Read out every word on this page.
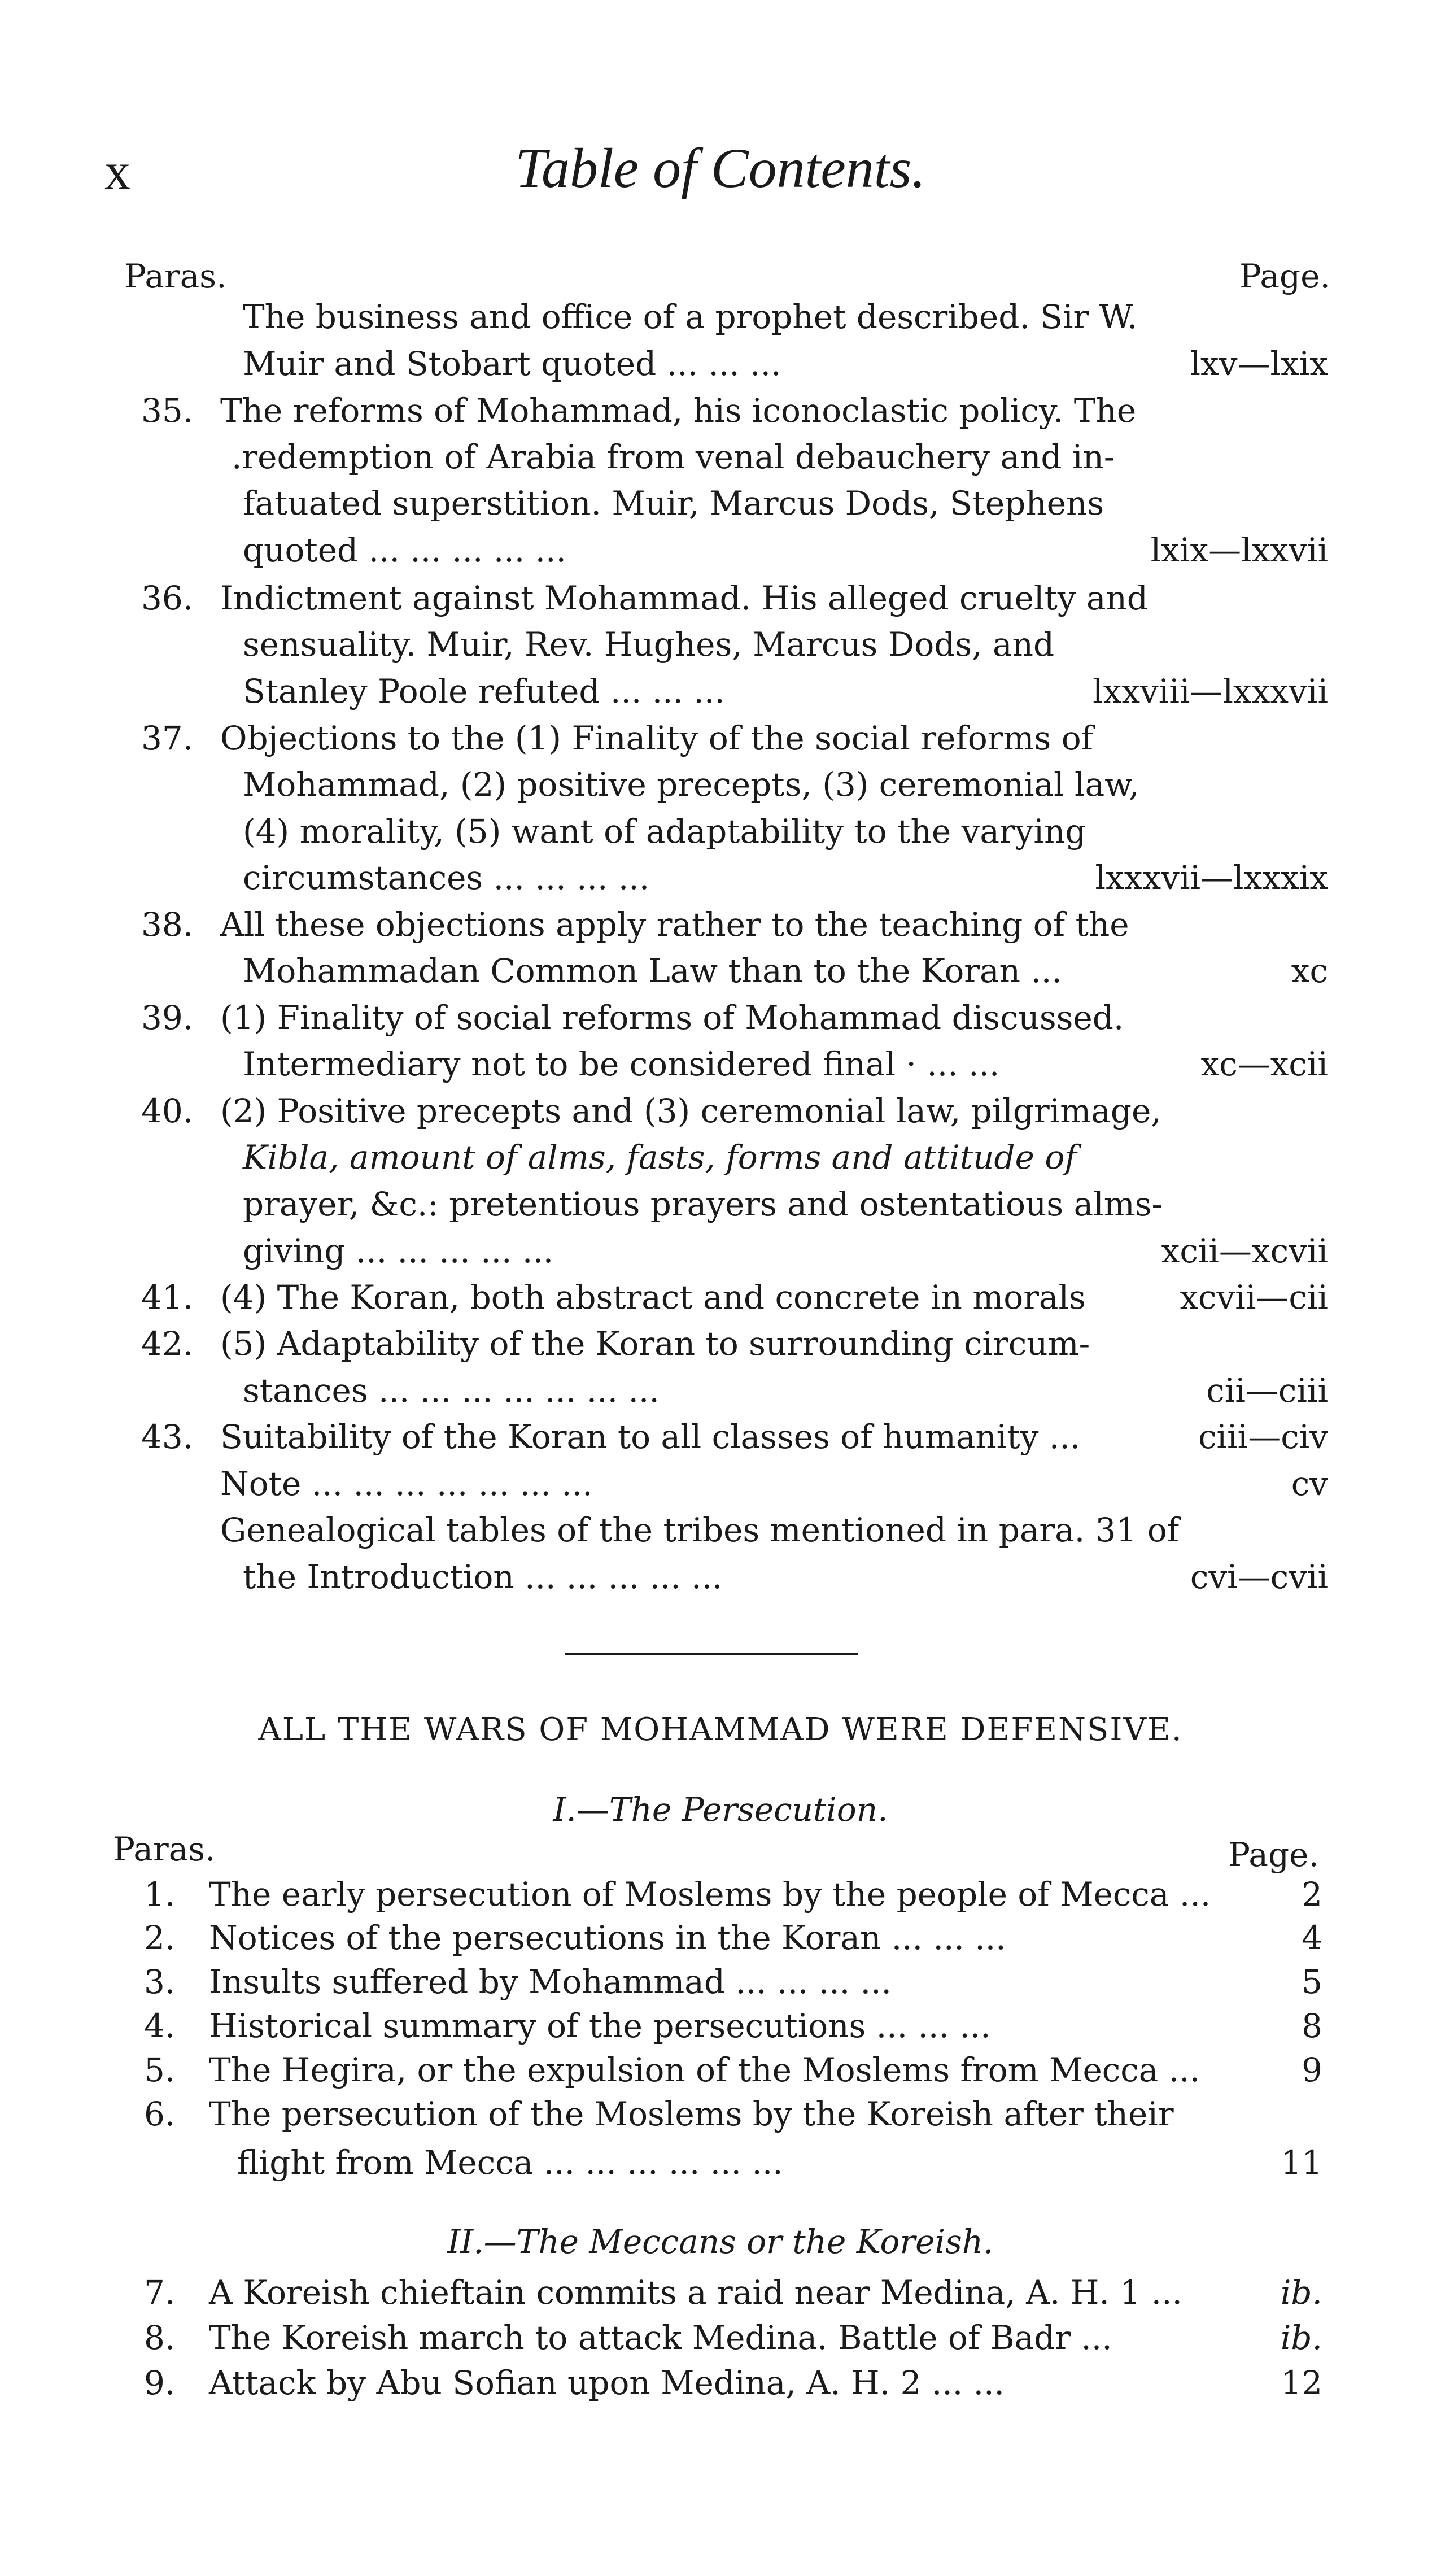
x	Table of Contents.
Paras.	Page.
The business and office of a prophet described. Sir W.
Muir and Stobart quoted ... ... ...	lxv—lxix
35. The reforms of Mohammad, his iconoclastic policy. The
.redemption of Arabia from venal debauchery and in-
fatuated superstition. Muir, Marcus Dods, Stephens
quoted ... ... ... ... ...	lxix—lxxvii
36. Indictment against Mohammad. His alleged cruelty and
sensuality. Muir, Rev. Hughes, Marcus Dods, and
Stanley Poole refuted ... ... ...	lxxviii—lxxxvii
37. Objections to the (1) Finality of the social reforms of
Mohammad, (2) positive precepts, (3) ceremonial law,
(4) morality, (5) want of adaptability to the varying
circumstances ... ... ... ...	lxxxvii—lxxxix
38. All these objections apply rather to the teaching of the
Mohammadan Common Law than to the Koran ...	xc
39. (1) Finality of social reforms of Mohammad discussed.
Intermediary not to be considered final · ... ...	xc—xcii
40. (2) Positive precepts and (3) ceremonial law, pilgrimage,
Kibla, amount of alms, fasts, forms and attitude of
prayer, &c.: pretentious prayers and ostentatious alms-
giving ... ... ... ... ...	xcii—xcvii
41. (4) The Koran, both abstract and concrete in morals	xcvii—cii
42. (5) Adaptability of the Koran to surrounding circum-
stances ... ... ... ... ... ... ...	cii—ciii
43. Suitability of the Koran to all classes of humanity ...	ciii—civ
Note ... ... ... ... ... ... ...	cv
Genealogical tables of the tribes mentioned in para. 31 of
the Introduction ... ... ... ... ...	cvi—cvii
ALL THE WARS OF MOHAMMAD WERE DEFENSIVE.
I.—The Persecution.
Paras.	Page.
1. The early persecution of Moslems by the people of Mecca ...	2
2. Notices of the persecutions in the Koran ... ... ...	4
3. Insults suffered by Mohammad ... ... ... ...	5
4. Historical summary of the persecutions ... ... ...	8
5. The Hegira, or the expulsion of the Moslems from Mecca ...	9
6. The persecution of the Moslems by the Koreish after their
flight from Mecca ... ... ... ... ... ...	11
II.—The Meccans or the Koreish.
7. A Koreish chieftain commits a raid near Medina, A. H. 1 ...	ib.
8. The Koreish march to attack Medina. Battle of Badr ...	ib.
9. Attack by Abu Sofian upon Medina, A. H. 2 ... ...	12
